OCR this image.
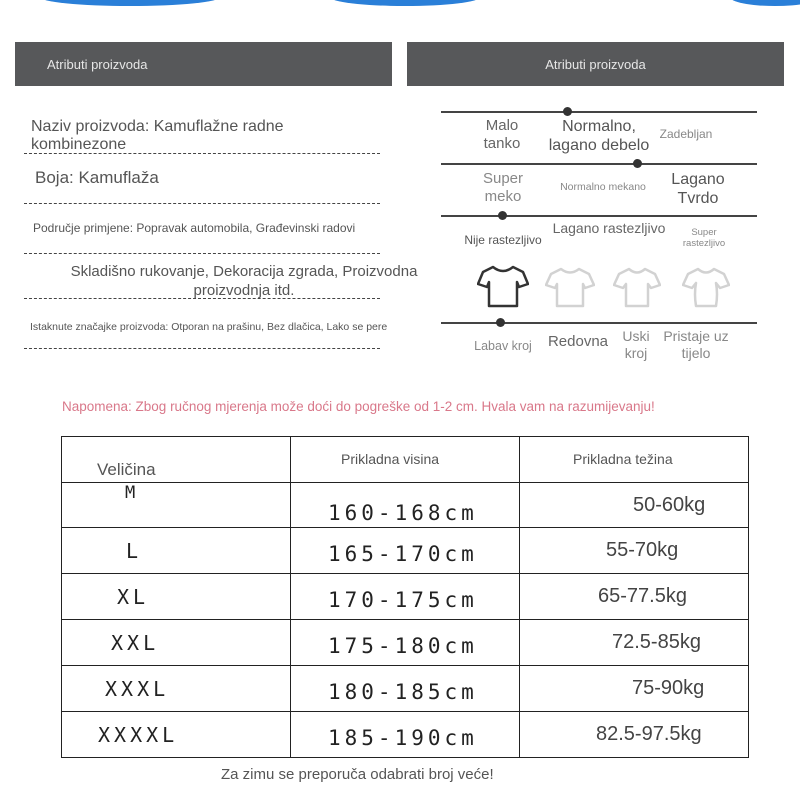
Atributi proizvoda	Atributi proizvoda
Naziv proizvoda: Kamuflažne radne kombinezone
Boja: Kamuflaža
Područje primjene: Popravak automobila, Građevinski radovi
Skladišno rukovanje, Dekoracija zgrada, Proizvodna proizvodnja itd.
Istaknute značajke proizvoda: Otporan na prašinu, Bez dlačica, Lako se pere
Malo tanko
Normalno, lagano debelo
Zadebljan
Super meko
Normalno mekano	Lagano Tvrdo
Nije rastezljivo
Lagano rastezljivo	Super rastezljivo
Labav kroj	Redovna	Uski kroj
Pristaje uz tijelo
Napomena: Zbog ručnog mjerenja može doći do pogreške od 1-2 cm. Hvala vam na razumijevanju!
Veličina	Prikladna visina	Prikladna težina
M	160-168cm	50-60kg
L	165-170cm	55-70kg
XL	170-175cm	65-77.5kg
XXL	175-180cm	72.5-85kg
XXXL	180-185cm	75-90kg
XXXXL	185-190cm	82.5-97.5kg
Za zimu se preporuča odabrati broj veće!
